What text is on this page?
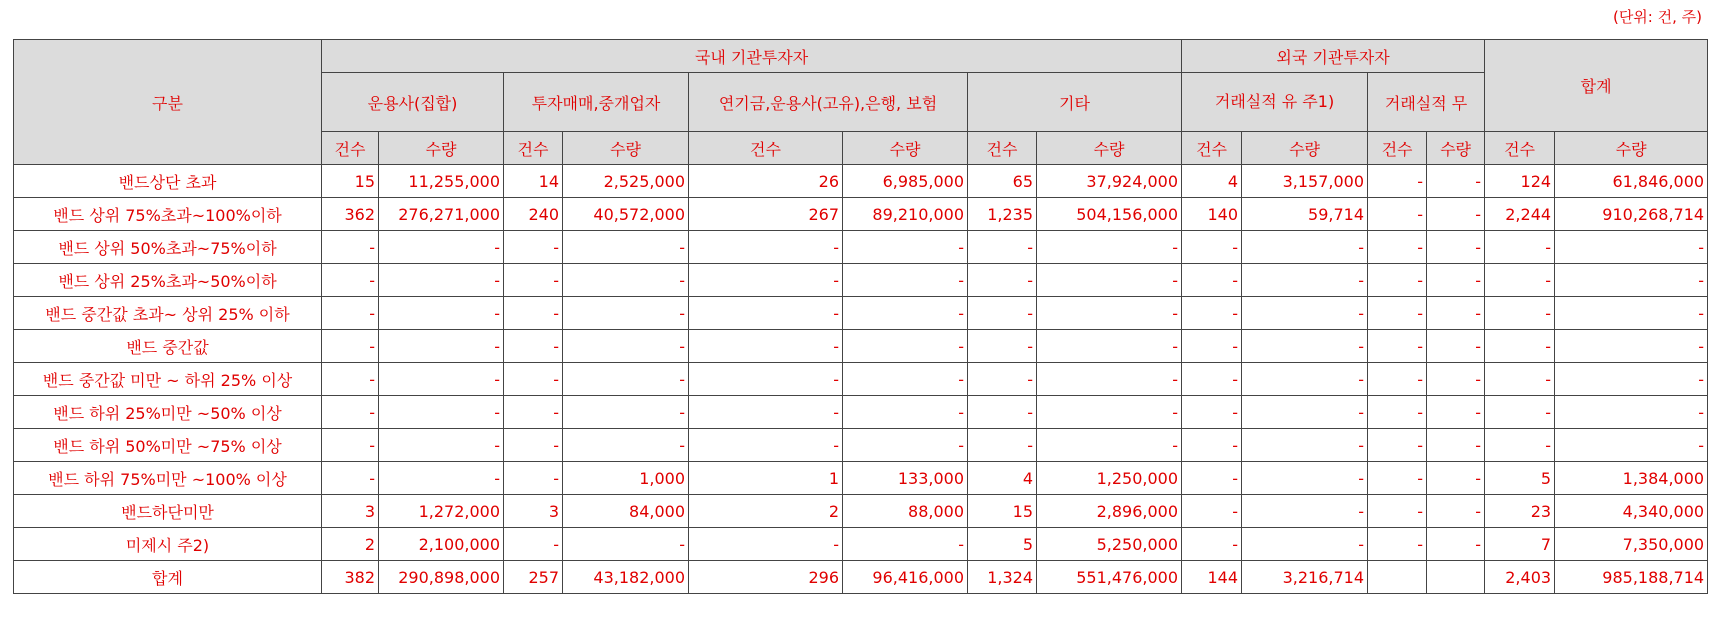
(단위: 건, 주)
구분	국내 기관투자자								외국 기관투자자				합계	
	운용사(집합)		투자매매,중개업자		연기금,운용사(고유),은행, 보험		기타		거래실적 유 주1)		거래실적 무			
	건수	수량	건수	수량	건수	수량	건수	수량	건수	수량	건수	수량	건수	수량
밴드상단 초과	15	11,255,000	14	2,525,000	26	6,985,000	65	37,924,000	4	3,157,000	-	-	124	61,846,000
밴드 상위 75%초과~100%이하	362	276,271,000	240	40,572,000	267	89,210,000	1,235	504,156,000	140	59,714	-	-	2,244	910,268,714
밴드 상위 50%초과~75%이하	-	-	-	-	-	-	-	-	-	-	-	-	-	-
밴드 상위 25%초과~50%이하	-	-	-	-	-	-	-	-	-	-	-	-	-	-
밴드 중간값 초과~ 상위 25% 이하	-	-	-	-	-	-	-	-	-	-	-	-	-	-
밴드 중간값	-	-	-	-	-	-	-	-	-	-	-	-	-	-
밴드 중간값 미만 ~ 하위 25% 이상	-	-	-	-	-	-	-	-	-	-	-	-	-	-
밴드 하위 25%미만 ~50% 이상	-	-	-	-	-	-	-	-	-	-	-	-	-	-
밴드 하위 50%미만 ~75% 이상	-	-	-	-	-	-	-	-	-	-	-	-	-	-
밴드 하위 75%미만 ~100% 이상	-	-	-	1,000	1	133,000	4	1,250,000	-	-	-	-	5	1,384,000
밴드하단미만	3	1,272,000	3	84,000	2	88,000	15	2,896,000	-	-	-	-	23	4,340,000
미제시 주2)	2	2,100,000	-	-	-	-	5	5,250,000	-	-	-	-	7	7,350,000
합계	382	290,898,000	257	43,182,000	296	96,416,000	1,324	551,476,000	144	3,216,714			2,403	985,188,714
